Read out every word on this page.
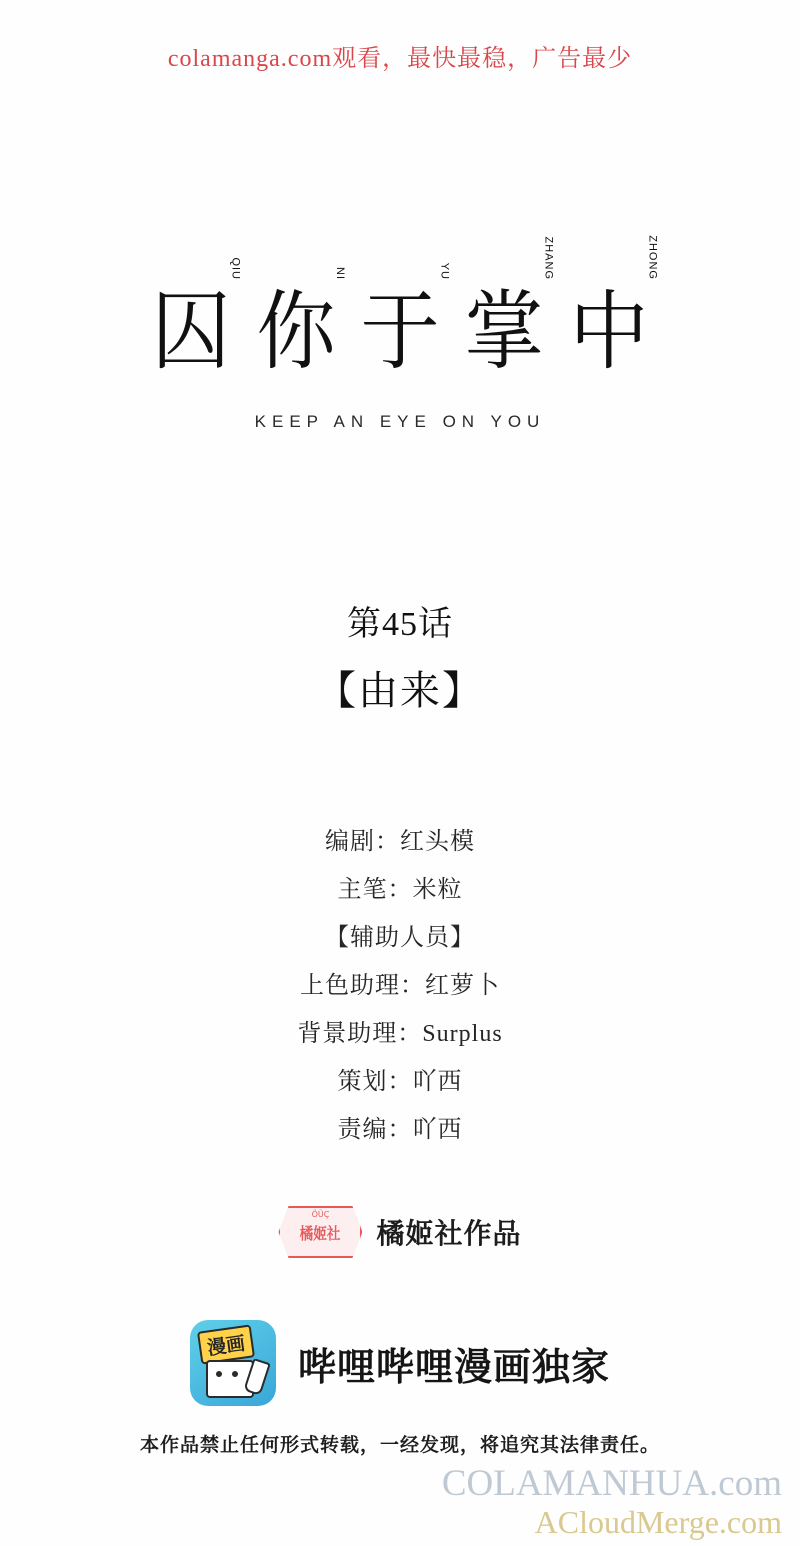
colamanga.com观看，最快最稳，广告最少
囚
QIU

你
NI

于
YU

掌
ZHANG

中
ZHONG
KEEP AN EYE ON YOU
第45话
【由来】
编剧：红头模
主笔：米粒
【辅助人员】
上色助理：红萝卜
背景助理：Surplus
策划：吖西
责编：吖西
ÖÜÇ
橘姬社 橘姬社作品
漫画 哔哩哔哩漫画独家
本作品禁止任何形式转载，一经发现，将追究其法律责任。
COLAMANHUA.com
ACloudMerge.com
